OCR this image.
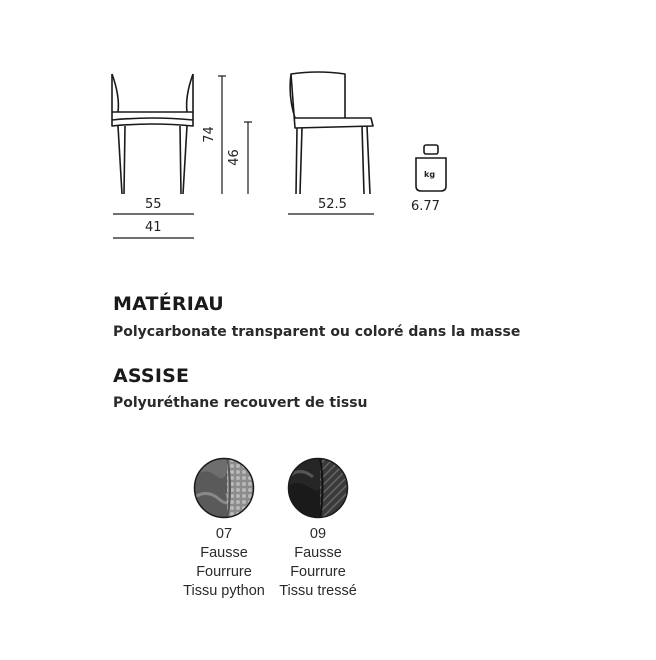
74
46
55
41
52.5
kg
6.77
MATÉRIAU
Polycarbonate transparent ou coloré dans la masse
ASSISE
Polyuréthane recouvert de tissu
07
Fausse
Fourrure
Tissu python
09
Fausse
Fourrure
Tissu tressé
